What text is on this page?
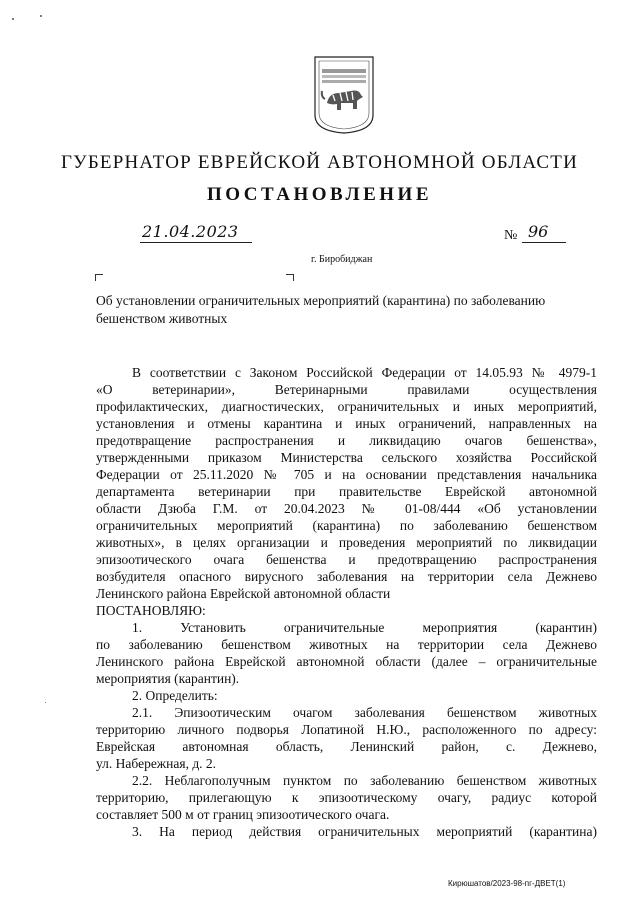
ГУБЕРНАТОР ЕВРЕЙСКОЙ АВТОНОМНОЙ ОБЛАСТИ
ПОСТАНОВЛЕНИЕ
21.04.2023	№ 96
г. Биробиджан
Об установлении ограничительных мероприятий (карантина) по заболеванию бешенством животных
В соответствии с Законом Российской Федерации от 14.05.93 № 4979-1
«О ветеринарии», Ветеринарными правилами осуществления
профилактических, диагностических, ограничительных и иных мероприятий,
установления и отмены карантина и иных ограничений, направленных на
предотвращение распространения и ликвидацию очагов бешенства»,
утвержденными приказом Министерства сельского хозяйства Российской
Федерации от 25.11.2020 № 705 и на основании представления начальника
департамента ветеринарии при правительстве Еврейской автономной
области Дзюба Г.М. от 20.04.2023 № 01-08/444 «Об установлении
ограничительных мероприятий (карантина) по заболеванию бешенством
животных», в целях организации и проведения мероприятий по ликвидации
эпизоотического очага бешенства и предотвращению распространения
возбудителя опасного вирусного заболевания на территории села Дежнево
Ленинского района Еврейской автономной области
ПОСТАНОВЛЯЮ:
1. Установить ограничительные мероприятия (карантин)
по заболеванию бешенством животных на территории села Дежнево
Ленинского района Еврейской автономной области (далее – ограничительные
мероприятия (карантин).
2. Определить:
2.1. Эпизоотическим очагом заболевания бешенством животных
территорию личного подворья Лопатиной Н.Ю., расположенного по адресу:
Еврейская автономная область, Ленинский район, с. Дежнево,
ул. Набережная, д. 2.
2.2. Неблагополучным пунктом по заболеванию бешенством животных
территорию, прилегающую к эпизоотическому очагу, радиус которой
составляет 500 м от границ эпизоотического очага.
3. На период действия ограничительных мероприятий (карантина)
Кирюшатов/2023-98-пг-ДВЕТ(1)
